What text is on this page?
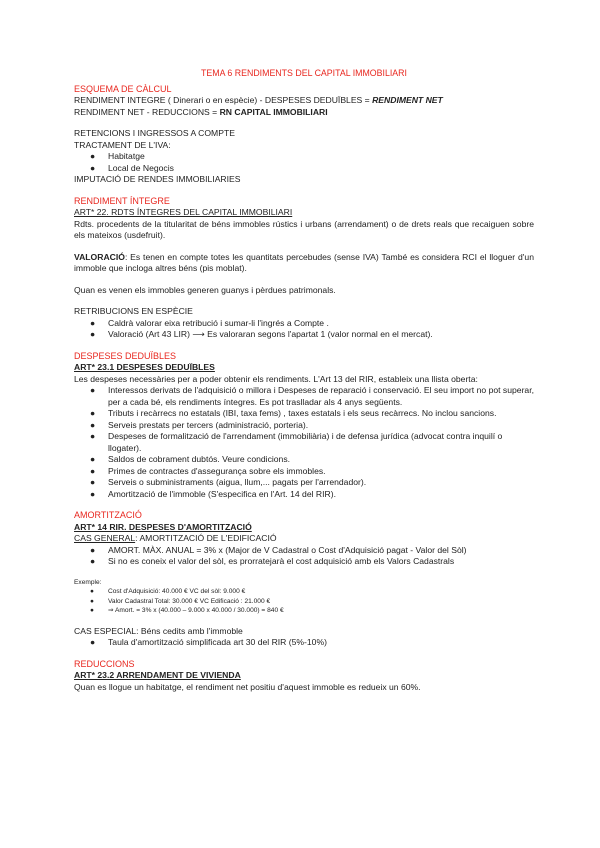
TEMA 6 RENDIMENTS DEL CAPITAL IMMOBILIARI

ESQUEMA DE CÀLCUL

RENDIMENT INTEGRE ( Dinerari o en espècie) - DESPESES DEDUÏBLES = RENDIMENT NET

RENDIMENT NET - REDUCCIONS = RN CAPITAL IMMOBILIARI

RETENCIONS I INGRESSOS A COMPTE

TRACTAMENT DE L'IVA:

● Habitatge
● Local de Negocis

IMPUTACIÓ DE RENDES IMMOBILIARIES

RENDIMENT ÍNTEGRE

ART* 22. RDTS ÍNTEGRES DEL CAPITAL IMMOBILIARI

Rdts. procedents de la titularitat de béns immobles rústics i urbans (arrendament) o de drets reals que recaiguen sobre els mateixos (usdefruit).

VALORACIÓ: Es tenen en compte totes les quantitats percebudes (sense IVA) També es considera RCI el lloguer d'un immoble que incloga altres béns (pis moblat).

Quan es venen els immobles generen guanys i pèrdues patrimonals.

RETRIBUCIONS EN ESPÈCIE

● Caldrà valorar eixa retribució i sumar-li l'ingrés a Compte .
● Valoració (Art 43 LIR) ⟶ Es valoraran segons l'apartat 1 (valor normal en el mercat).

DESPESES DEDUÏBLES

ART* 23.1 DESPESES DEDUÏBLES

Les despeses necessàries per a poder obtenir els rendiments. L'Art 13 del RIR, estableix una llista oberta:

● Interessos derivats de l'adquisició o millora i Despeses de reparació i conservació. El seu import no pot superar, per a cada bé, els rendiments íntegres. Es pot traslladar als 4 anys següents.
● Tributs i recàrrecs no estatals (IBI, taxa fems) , taxes estatals i els seus recàrrecs. No inclou sancions.
● Serveis prestats per tercers (administració, porteria).
● Despeses de formalització de l'arrendament (immobiliària) i de defensa jurídica (advocat contra inquilí o llogater).
● Saldos de cobrament dubtós. Veure condicions.
● Primes de contractes d'assegurança sobre els immobles.
● Serveis o subministraments (aigua, llum,... pagats per l'arrendador).
● Amortització de l'immoble (S'especifica en l'Art. 14 del RIR).

AMORTITZACIÓ

ART* 14 RIR. DESPESES D'AMORTITZACIÓ

CAS GENERAL: AMORTITZACIÓ DE L'EDIFICACIÓ

● AMORT. MÀX. ANUAL = 3% x (Major de V Cadastral o Cost d'Adquisició pagat - Valor del Sòl)
● Si no es coneix el valor del sòl, es prorratejarà el cost adquisició amb els Valors Cadastrals

Exemple:

● Cost d'Adquisició: 40.000 € VC del sòl: 9.000 €
● Valor Cadastral Total: 30.000 € VC Edificació : 21.000 €
● ⇒ Amort. = 3% x (40.000 – 9.000 x 40.000 / 30.000) = 840 €

CAS ESPECIAL: Béns cedits amb l'immoble

● Taula d'amortització simplificada art 30 del RIR (5%-10%)

REDUCCIONS

ART* 23.2 ARRENDAMENT DE VIVIENDA

Quan es llogue un habitatge, el rendiment net positiu d'aquest immoble es redueix un 60%.
